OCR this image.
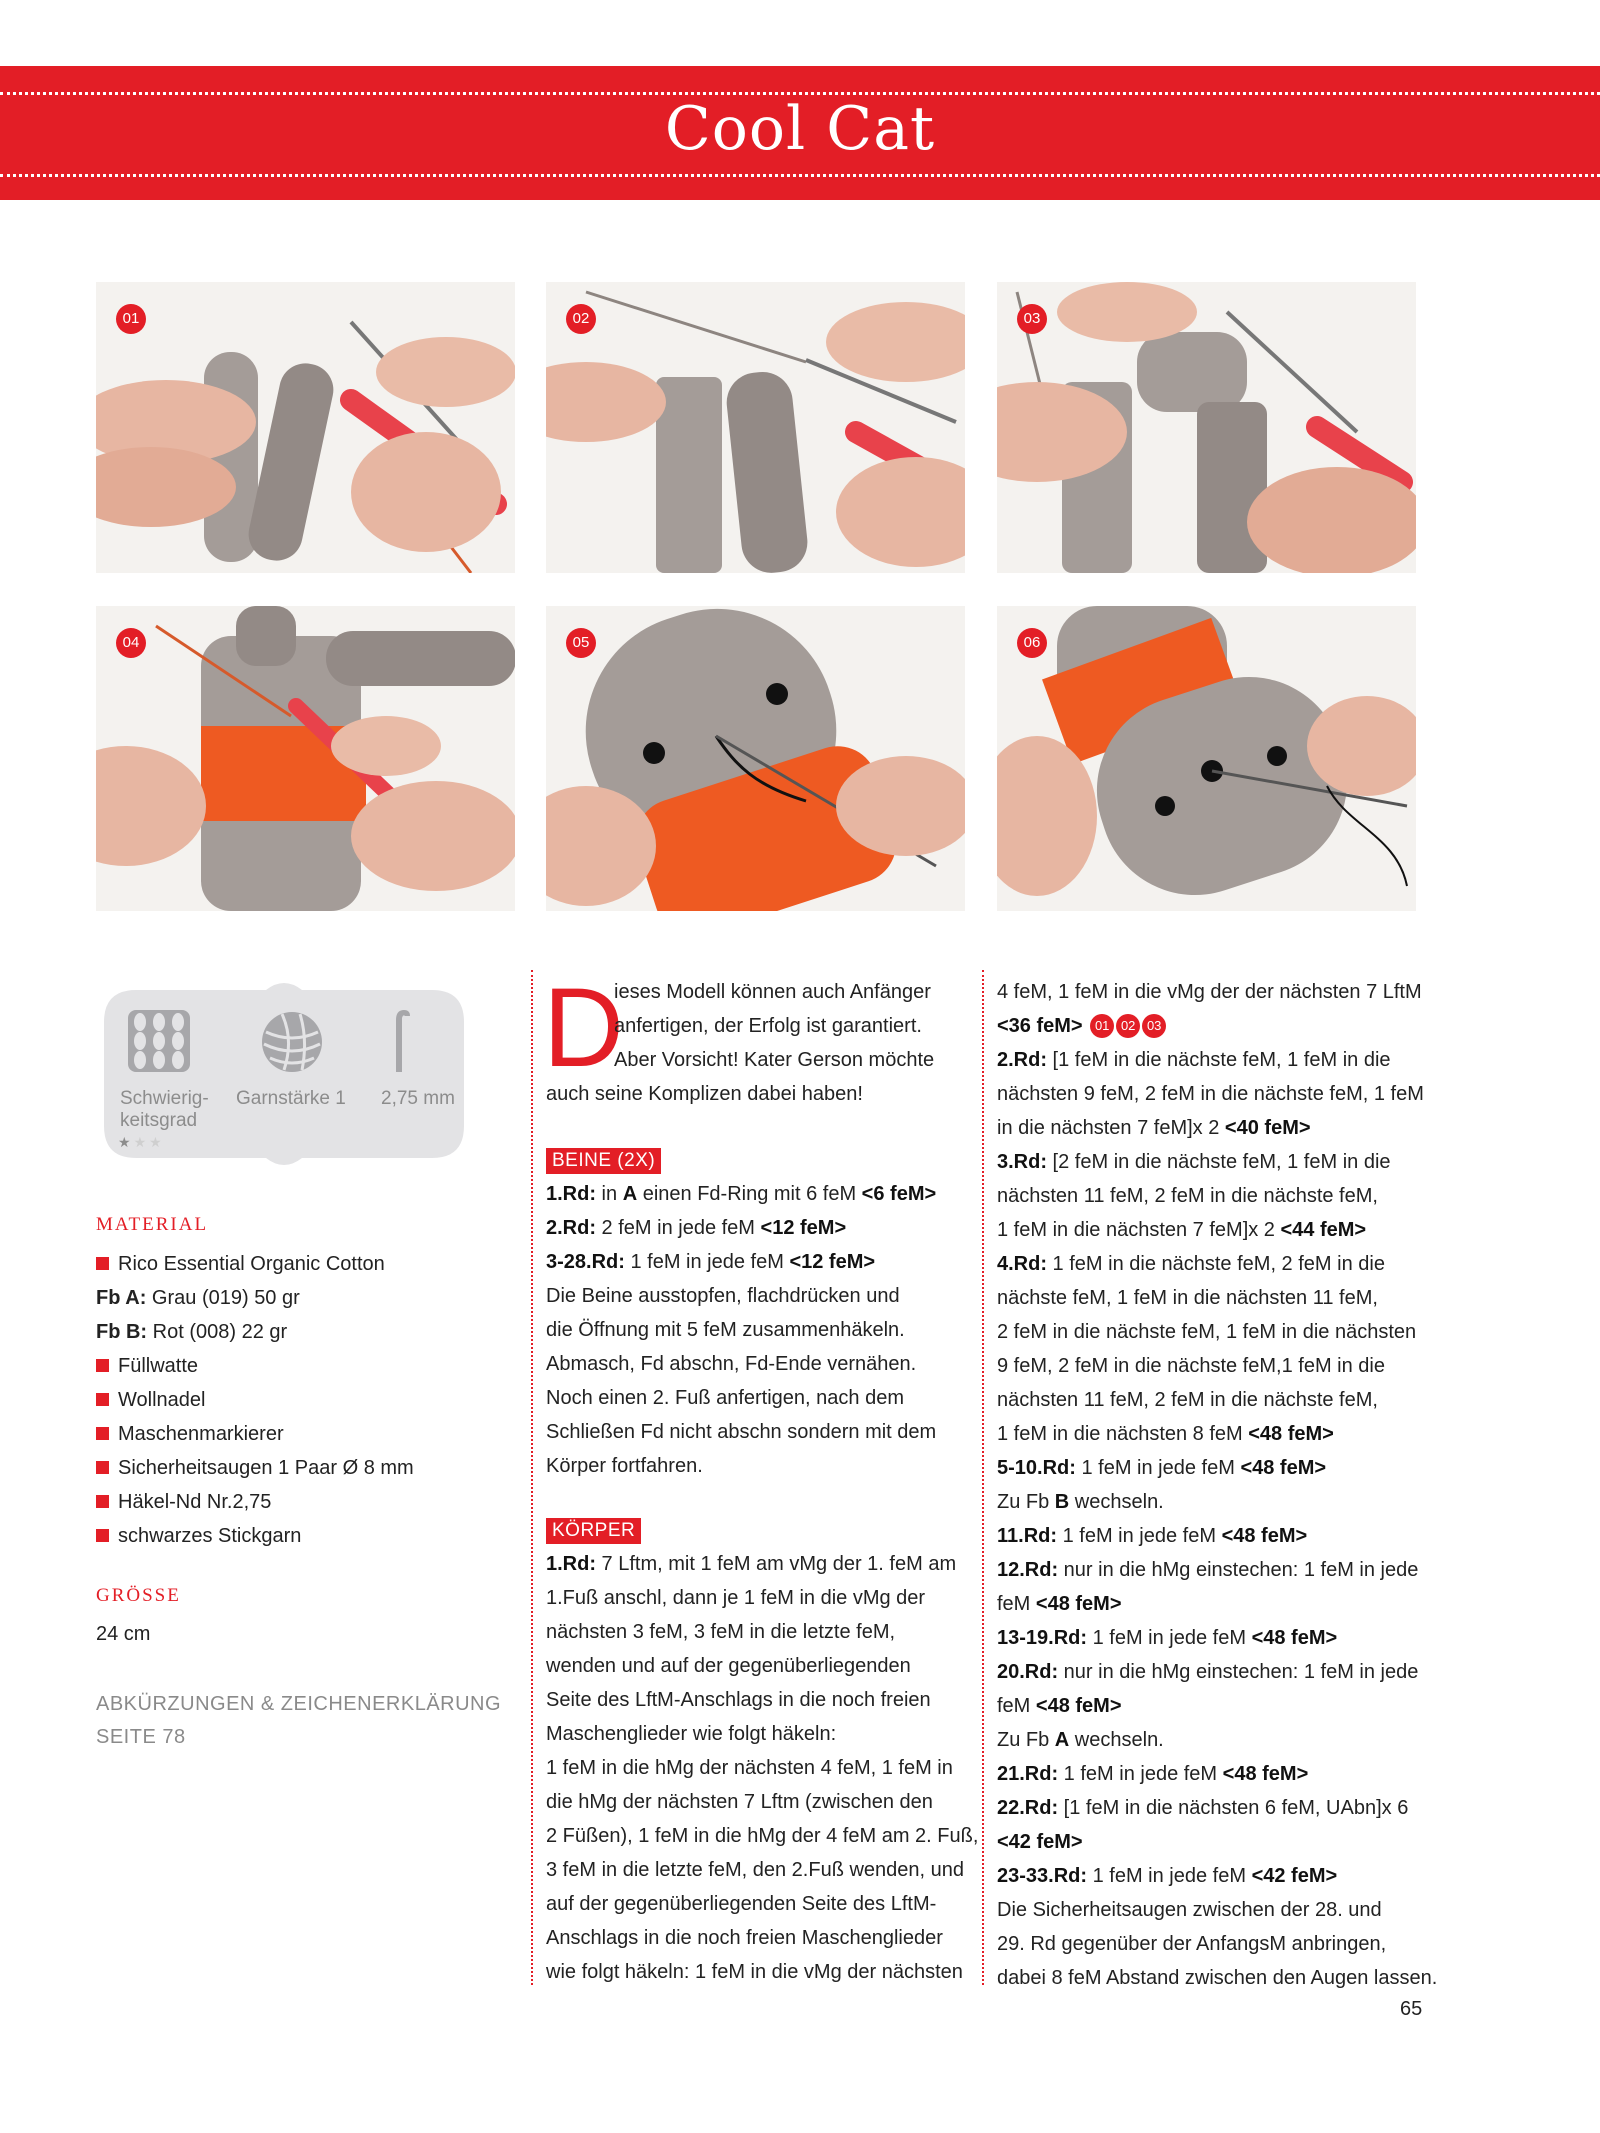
Cool Cat
01	02	03
04	05	06
Schwierig-
keitsgrad
★★★
Garnstärke 1 2,75 mm
MATERIAL
Rico Essential Organic Cotton
Fb A: Grau (019) 50 gr
Fb B: Rot (008) 22 gr
Füllwatte
Wollnadel
Maschenmarkierer
Sicherheitsaugen 1 Paar Ø 8 mm
Häkel-Nd Nr.2,75
schwarzes Stickgarn
GRÖSSE
24 cm
ABKÜRZUNGEN & ZEICHENERKLÄRUNG
SEITE 78
D

ieses Modell können auch Anfänger

anfertigen, der Erfolg ist garantiert.

Aber Vorsicht! Kater Gerson möchte

auch seine Komplizen dabei haben!

BEINE (2X)

1.Rd: in A einen Fd-Ring mit 6 feM <6 feM>

2.Rd: 2 feM in jede feM <12 feM>

3-28.Rd: 1 feM in jede feM <12 feM>

Die Beine ausstopfen, flachdrücken und

die Öffnung mit 5 feM zusammenhäkeln.

Abmasch, Fd abschn, Fd-Ende vernähen.

Noch einen 2. Fuß anfertigen, nach dem

Schließen Fd nicht abschn sondern mit dem

Körper fortfahren.

KÖRPER

1.Rd: 7 Lftm, mit 1 feM am vMg der 1. feM am

1.Fuß anschl, dann je 1 feM in die vMg der

nächsten 3 feM, 3 feM in die letzte feM,

wenden und auf der gegenüberliegenden

Seite des LftM-Anschlags in die noch freien

Maschenglieder wie folgt häkeln:

1 feM in die hMg der nächsten 4 feM, 1 feM in

die hMg der nächsten 7 Lftm (zwischen den

2 Füßen), 1 feM in die hMg der 4 feM am 2. Fuß,

3 feM in die letzte feM, den 2.Fuß wenden, und

auf der gegenüberliegenden Seite des LftM-

Anschlags in die noch freien Maschenglieder

wie folgt häkeln: 1 feM in die vMg der nächsten

4 feM, 1 feM in die vMg der der nächsten 7 LftM

<36 feM> 01 02 03

2.Rd: [1 feM in die nächste feM, 1 feM in die

nächsten 9 feM, 2 feM in die nächste feM, 1 feM

in die nächsten 7 feM]x 2 <40 feM>

3.Rd: [2 feM in die nächste feM, 1 feM in die

nächsten 11 feM, 2 feM in die nächste feM,

1 feM in die nächsten 7 feM]x 2 <44 feM>

4.Rd: 1 feM in die nächste feM, 2 feM in die

nächste feM, 1 feM in die nächsten 11 feM,

2 feM in die nächste feM, 1 feM in die nächsten

9 feM, 2 feM in die nächste feM,1 feM in die

nächsten 11 feM, 2 feM in die nächste feM,

1 feM in die nächsten 8 feM <48 feM>

5-10.Rd: 1 feM in jede feM <48 feM>

Zu Fb B wechseln.

11.Rd: 1 feM in jede feM <48 feM>

12.Rd: nur in die hMg einstechen: 1 feM in jede

feM <48 feM>

13-19.Rd: 1 feM in jede feM <48 feM>

20.Rd: nur in die hMg einstechen: 1 feM in jede

feM <48 feM>

Zu Fb A wechseln.

21.Rd: 1 feM in jede feM <48 feM>

22.Rd: [1 feM in die nächsten 6 feM, UAbn]x 6

<42 feM>

23-33.Rd: 1 feM in jede feM <42 feM>

Die Sicherheitsaugen zwischen der 28. und

29. Rd gegenüber der AnfangsM anbringen,

dabei 8 feM Abstand zwischen den Augen lassen.

65
